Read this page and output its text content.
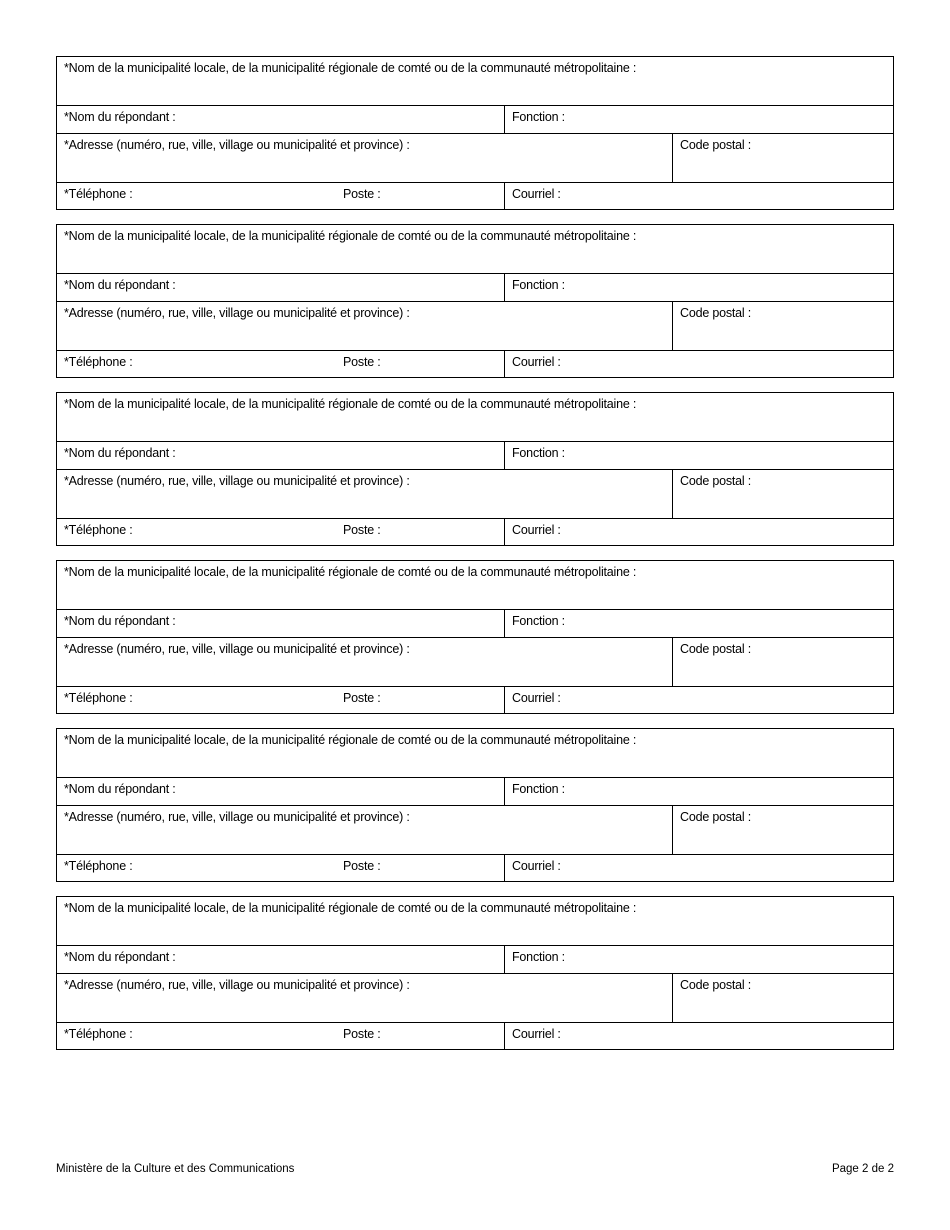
*Nom de la municipalité locale, de la municipalité régionale de comté ou de la communauté métropolitaine :
*Nom du répondant :	Fonction :
*Adresse (numéro, rue, ville, village ou municipalité et province) :	Code postal :
*Téléphone :	Poste :	Courriel :
*Nom de la municipalité locale, de la municipalité régionale de comté ou de la communauté métropolitaine :
*Nom du répondant :	Fonction :
*Adresse (numéro, rue, ville, village ou municipalité et province) :	Code postal :
*Téléphone :	Poste :	Courriel :
*Nom de la municipalité locale, de la municipalité régionale de comté ou de la communauté métropolitaine :
*Nom du répondant :	Fonction :
*Adresse (numéro, rue, ville, village ou municipalité et province) :	Code postal :
*Téléphone :	Poste :	Courriel :
*Nom de la municipalité locale, de la municipalité régionale de comté ou de la communauté métropolitaine :
*Nom du répondant :	Fonction :
*Adresse (numéro, rue, ville, village ou municipalité et province) :	Code postal :
*Téléphone :	Poste :	Courriel :
*Nom de la municipalité locale, de la municipalité régionale de comté ou de la communauté métropolitaine :
*Nom du répondant :	Fonction :
*Adresse (numéro, rue, ville, village ou municipalité et province) :	Code postal :
*Téléphone :	Poste :	Courriel :
*Nom de la municipalité locale, de la municipalité régionale de comté ou de la communauté métropolitaine :
*Nom du répondant :	Fonction :
*Adresse (numéro, rue, ville, village ou municipalité et province) :	Code postal :
*Téléphone :	Poste :	Courriel :
Ministère de la Culture et des Communications	Page 2 de 2
